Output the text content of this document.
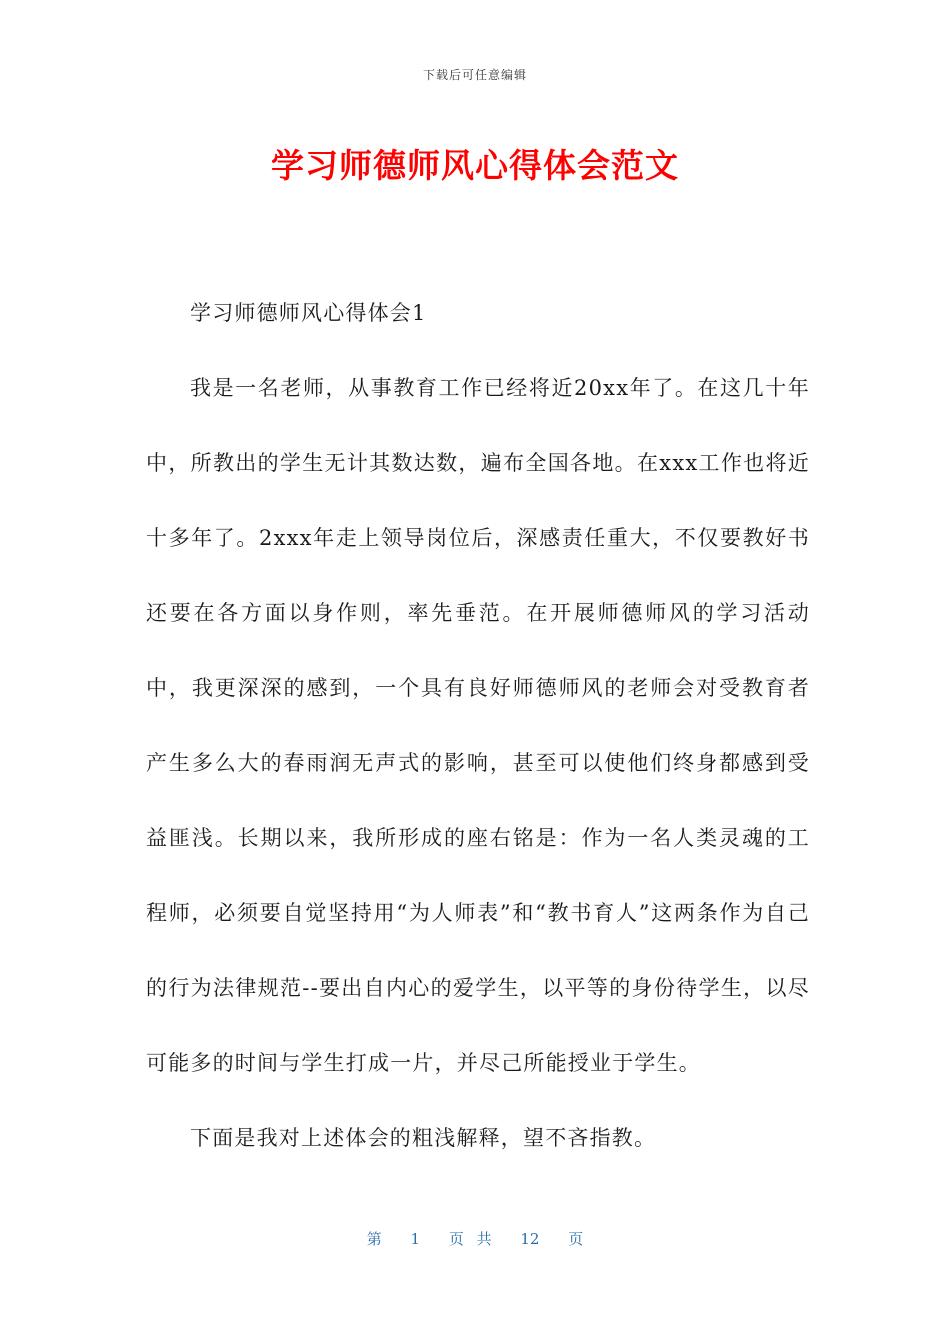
下载后可任意编辑
学习师德师风心得体会范文

学习师德师风心得体会1

我是一名老师，从事教育工作已经将近20xx年了。在这几十年中，所教出的学生无计其数达数，遍布全国各地。在xxx工作也将近十多年了。2xxx年走上领导岗位后，深感责任重大，不仅要教好书还要在各方面以身作则，率先垂范。在开展师德师风的学习活动中，我更深深的感到，一个具有良好师德师风的老师会对受教育者产生多么大的春雨润无声式的影响，甚至可以使他们终身都感到受益匪浅。长期以来，我所形成的座右铭是：作为一名人类灵魂的工程师，必须要自觉坚持用“为人师表”和“教书育人”这两条作为自己的行为法律规范--要出自内心的爱学生，以平等的身份待学生，以尽可能多的时间与学生打成一片，并尽己所能授业于学生。

下面是我对上述体会的粗浅解释，望不吝指教。

第 1 页 共 12 页
